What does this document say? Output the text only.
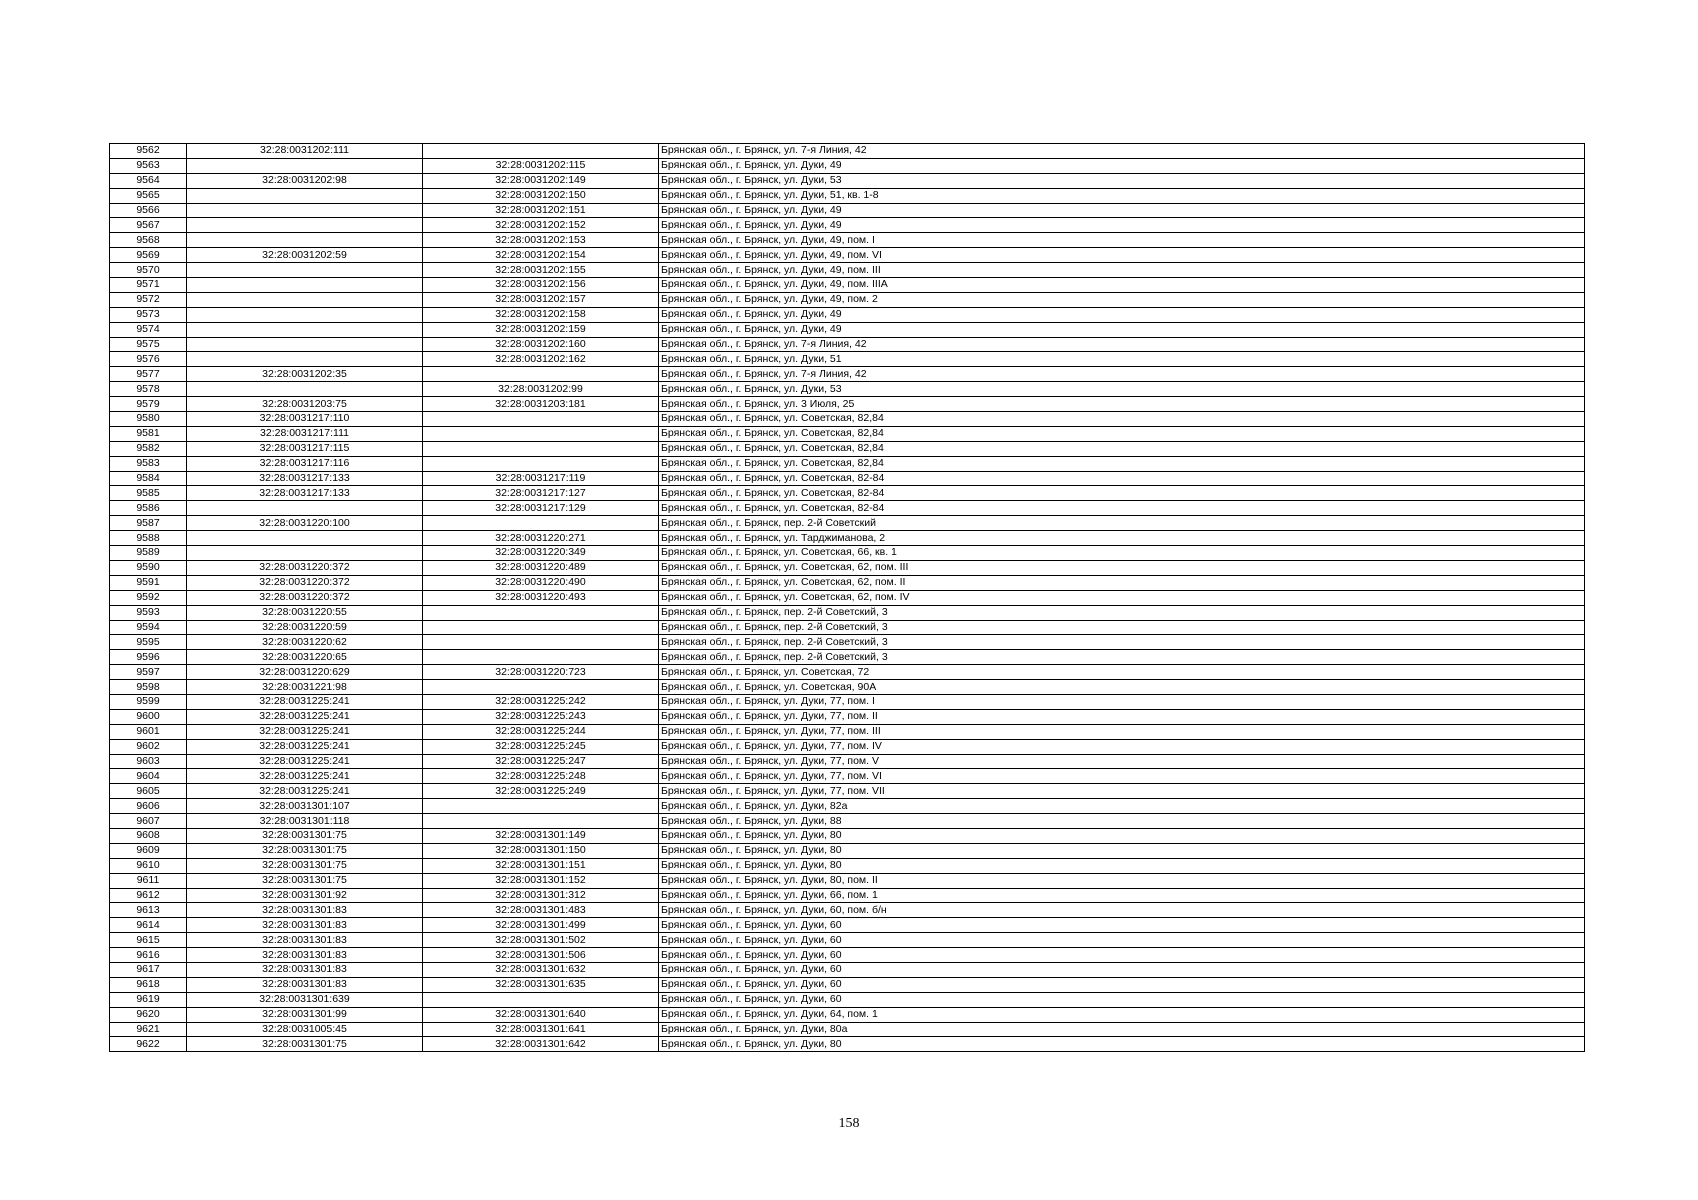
9562	32:28:0031202:111		Брянская обл., г. Брянск, ул. 7-я Линия, 42
9563		32:28:0031202:115	Брянская обл., г. Брянск, ул. Дуки, 49
9564	32:28:0031202:98	32:28:0031202:149	Брянская обл., г. Брянск, ул. Дуки, 53
9565		32:28:0031202:150	Брянская обл., г. Брянск, ул. Дуки, 51, кв. 1-8
9566		32:28:0031202:151	Брянская обл., г. Брянск, ул. Дуки, 49
9567		32:28:0031202:152	Брянская обл., г. Брянск, ул. Дуки, 49
9568		32:28:0031202:153	Брянская обл., г. Брянск, ул. Дуки, 49, пом. I
9569	32:28:0031202:59	32:28:0031202:154	Брянская обл., г. Брянск, ул. Дуки, 49, пом. VI
9570		32:28:0031202:155	Брянская обл., г. Брянск, ул. Дуки, 49, пом. III
9571		32:28:0031202:156	Брянская обл., г. Брянск, ул. Дуки, 49, пом. IIIА
9572		32:28:0031202:157	Брянская обл., г. Брянск, ул. Дуки, 49, пом. 2
9573		32:28:0031202:158	Брянская обл., г. Брянск, ул. Дуки, 49
9574		32:28:0031202:159	Брянская обл., г. Брянск, ул. Дуки, 49
9575		32:28:0031202:160	Брянская обл., г. Брянск, ул. 7-я Линия, 42
9576		32:28:0031202:162	Брянская обл., г. Брянск, ул. Дуки, 51
9577	32:28:0031202:35		Брянская обл., г. Брянск, ул. 7-я Линия, 42
9578		32:28:0031202:99	Брянская обл., г. Брянск, ул. Дуки, 53
9579	32:28:0031203:75	32:28:0031203:181	Брянская обл., г. Брянск, ул. 3 Июля, 25
9580	32:28:0031217:110		Брянская обл., г. Брянск, ул. Советская, 82,84
9581	32:28:0031217:111		Брянская обл., г. Брянск, ул. Советская, 82,84
9582	32:28:0031217:115		Брянская обл., г. Брянск, ул. Советская, 82,84
9583	32:28:0031217:116		Брянская обл., г. Брянск, ул. Советская, 82,84
9584	32:28:0031217:133	32:28:0031217:119	Брянская обл., г. Брянск, ул. Советская, 82-84
9585	32:28:0031217:133	32:28:0031217:127	Брянская обл., г. Брянск, ул. Советская, 82-84
9586		32:28:0031217:129	Брянская обл., г. Брянск, ул. Советская, 82-84
9587	32:28:0031220:100		Брянская обл., г. Брянск, пер. 2-й Советский
9588		32:28:0031220:271	Брянская обл., г. Брянск, ул. Тарджиманова, 2
9589		32:28:0031220:349	Брянская обл., г. Брянск, ул. Советская, 66, кв. 1
9590	32:28:0031220:372	32:28:0031220:489	Брянская обл., г. Брянск, ул. Советская, 62, пом. III
9591	32:28:0031220:372	32:28:0031220:490	Брянская обл., г. Брянск, ул. Советская, 62, пом. II
9592	32:28:0031220:372	32:28:0031220:493	Брянская обл., г. Брянск, ул. Советская, 62, пом. IV
9593	32:28:0031220:55		Брянская обл., г. Брянск, пер. 2-й Советский, 3
9594	32:28:0031220:59		Брянская обл., г. Брянск, пер. 2-й Советский, 3
9595	32:28:0031220:62		Брянская обл., г. Брянск, пер. 2-й Советский, 3
9596	32:28:0031220:65		Брянская обл., г. Брянск, пер. 2-й Советский, 3
9597	32:28:0031220:629	32:28:0031220:723	Брянская обл., г. Брянск, ул. Советская, 72
9598	32:28:0031221:98		Брянская обл., г. Брянск, ул. Советская, 90А
9599	32:28:0031225:241	32:28:0031225:242	Брянская обл., г. Брянск, ул. Дуки, 77, пом. I
9600	32:28:0031225:241	32:28:0031225:243	Брянская обл., г. Брянск, ул. Дуки, 77, пом. II
9601	32:28:0031225:241	32:28:0031225:244	Брянская обл., г. Брянск, ул. Дуки, 77, пом. III
9602	32:28:0031225:241	32:28:0031225:245	Брянская обл., г. Брянск, ул. Дуки, 77, пом. IV
9603	32:28:0031225:241	32:28:0031225:247	Брянская обл., г. Брянск, ул. Дуки, 77, пом. V
9604	32:28:0031225:241	32:28:0031225:248	Брянская обл., г. Брянск, ул. Дуки, 77, пом. VI
9605	32:28:0031225:241	32:28:0031225:249	Брянская обл., г. Брянск, ул. Дуки, 77, пом. VII
9606	32:28:0031301:107		Брянская обл., г. Брянск, ул. Дуки, 82а
9607	32:28:0031301:118		Брянская обл., г. Брянск, ул. Дуки, 88
9608	32:28:0031301:75	32:28:0031301:149	Брянская обл., г. Брянск, ул. Дуки, 80
9609	32:28:0031301:75	32:28:0031301:150	Брянская обл., г. Брянск, ул. Дуки, 80
9610	32:28:0031301:75	32:28:0031301:151	Брянская обл., г. Брянск, ул. Дуки, 80
9611	32:28:0031301:75	32:28:0031301:152	Брянская обл., г. Брянск, ул. Дуки, 80, пом. II
9612	32:28:0031301:92	32:28:0031301:312	Брянская обл., г. Брянск, ул. Дуки, 66, пом. 1
9613	32:28:0031301:83	32:28:0031301:483	Брянская обл., г. Брянск, ул. Дуки, 60, пом. б/н
9614	32:28:0031301:83	32:28:0031301:499	Брянская обл., г. Брянск, ул. Дуки, 60
9615	32:28:0031301:83	32:28:0031301:502	Брянская обл., г. Брянск, ул. Дуки, 60
9616	32:28:0031301:83	32:28:0031301:506	Брянская обл., г. Брянск, ул. Дуки, 60
9617	32:28:0031301:83	32:28:0031301:632	Брянская обл., г. Брянск, ул. Дуки, 60
9618	32:28:0031301:83	32:28:0031301:635	Брянская обл., г. Брянск, ул. Дуки, 60
9619	32:28:0031301:639		Брянская обл., г. Брянск, ул. Дуки, 60
9620	32:28:0031301:99	32:28:0031301:640	Брянская обл., г. Брянск, ул. Дуки, 64, пом. 1
9621	32:28:0031005:45	32:28:0031301:641	Брянская обл., г. Брянск, ул. Дуки, 80а
9622	32:28:0031301:75	32:28:0031301:642	Брянская обл., г. Брянск, ул. Дуки, 80
158
